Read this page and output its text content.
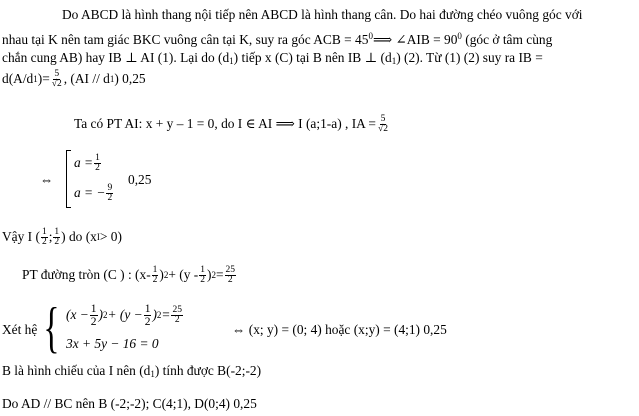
Do ABCD là hình thang nội tiếp nên ABCD là hình thang cân. Do hai đường chéo vuông góc với
nhau tại K nên tam giác BKC vuông cân tại K, suy ra góc ACB = $45^0⟹$ ∠AIB = $90^0$ (góc ở tâm cùng
chắn cung AB) hay IB ⊥ AI (1). Lại do $(d_1)$ tiếp x (C) tại B nên IB ⊥ $(d_1)$ (2). Từ (1) (2) suy ra IB =
d(A/d 1 )= $\frac{5}{√2}$ , (AI // d 1 ) 0,25
Ta có PT AI: x + y – 1 = 0, do I ∈ AI ⟹ I (a;1-a) , IA = $\frac{5}{√2}$
⇔
$a = \frac{1}{2}$
a = − $\frac{9}{2}$
0,25
Vậy I ( $\frac{1}{2}$ ; $\frac{1}{2}$ ) do (x I > 0)
PT đường tròn (C ) : ($x- \frac{1}{2}$ ) $2 + (y - \frac{1}{2}$ ) $2 = \frac{25}{2}$
Xét hệ { ($x - \frac{1}{2}$ ) $2 + (y - \frac{1}{2}$ ) $2 = \frac{25}{2}$
3x + 5y − 16 = 0
⇔ (x; y) = (0; 4) hoặc (x;y) = (4;1) 0,25
B là hình chiếu của I nên $(d_1)$ tính được B(-2;-2)
Do AD // BC nên B (-2;-2); C(4;1), D(0;4) 0,25
